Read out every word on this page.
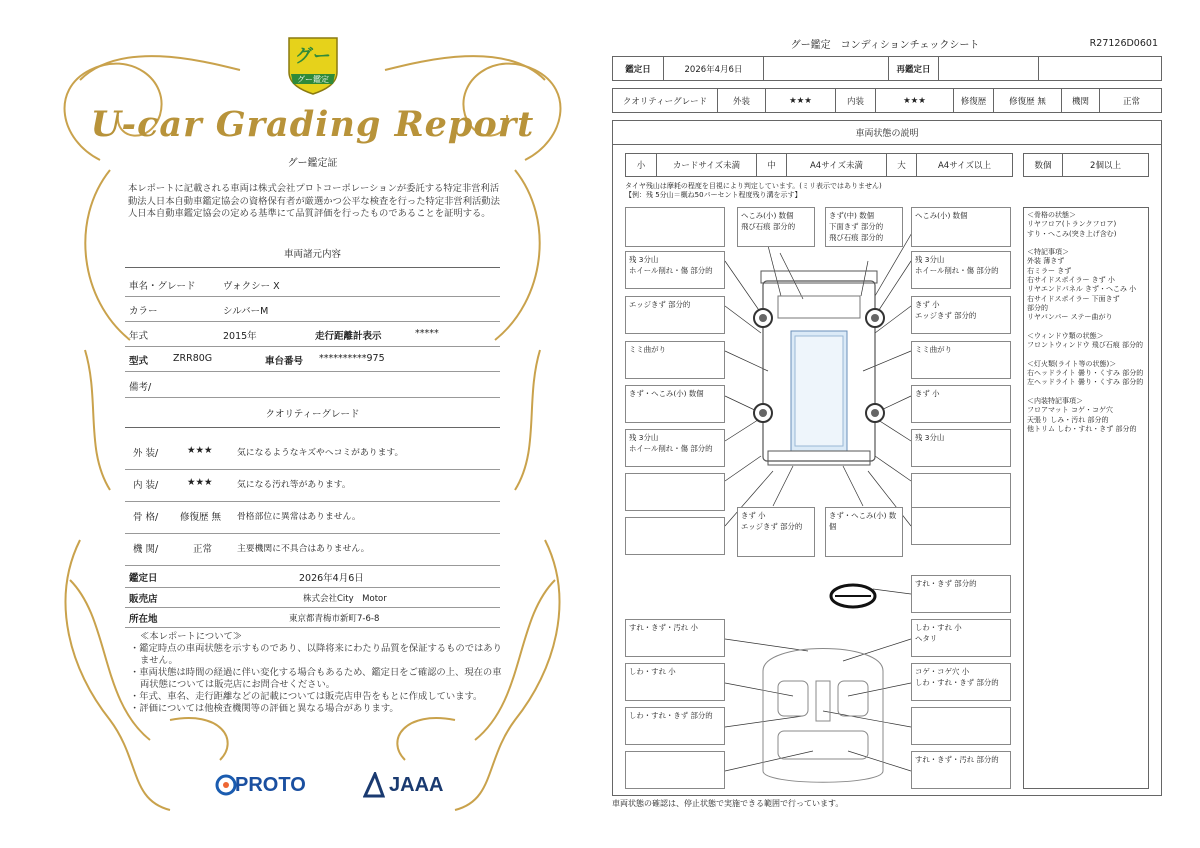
グー
グー鑑定
U-car Grading Report
グー鑑定証
本レポートに記載される車両は株式会社プロトコーポレーションが委託する特定非営利活動法人日本自動車鑑定協会の資格保有者が厳選かつ公平な検査を行った特定非営利活動法人日本自動車鑑定協会の定める基準にて品質評価を行ったものであることを証明する。
車両諸元内容
車名・グレード	ヴォクシー X
カラー	シルバーM
年式	2015年	走行距離計表示	*****
型式	ZRR80G	車台番号 **********975
備考/
クオリティーグレード
外 装/	★★★	気になるようなキズやヘコミがあります。
内 装/	★★★	気になる汚れ等があります。
骨 格/ 修復歴 無 骨格部位に異常はありません。
機 関/	正常	主要機関に不具合はありません。
鑑定日	2026年4月6日
販売店	株式会社City　Motor
所在地	東京都青梅市新町7-6-8
≪本レポートについて≫
・鑑定時点の車両状態を示すものであり、以降将来にわたり品質を保証するものではありません。
・車両状態は時間の経過に伴い変化する場合もあるため、鑑定日をご確認の上、現在の車両状態については販売店にお問合せください。
・年式、車名、走行距離などの記載については販売店申告をもとに作成しています。
・評価については他検査機関等の評価と異なる場合があります。
PROTO	JAAA
グー鑑定　コンディションチェックシート	R27126D0601
鑑定日	2026年4月6日	再鑑定日
クオリティーグレード	外装	★★★	内装	★★★	修復歴	修復歴 無	機関	正常
車両状態の説明
小	カードサイズ未満	中	A4サイズ未満	大	A4サイズ以上	数個	2個以上
タイヤ残山は摩耗の程度を目視により判定しています。(ミリ表示ではありません)
【例：残 5分山＝概ね50パーセント程度残り溝を示す】
へこみ(小) 数個
飛び石痕 部分的
きず(中) 数個
下面きず 部分的
飛び石痕 部分的
へこみ(小) 数個
残 3分山
ホイール削れ・傷 部分的
残 3分山
ホイール削れ・傷 部分的
エッジきず 部分的	きず 小
エッジきず 部分的
ミミ曲がり	ミミ曲がり
きず・へこみ(小) 数個	きず 小
残 3分山
ホイール削れ・傷 部分的
残 3分山
きず 小
エッジきず 部分的
きず・へこみ(小) 数個
すれ・きず 部分的
すれ・きず・汚れ 小	しわ・すれ 小
へタリ
しわ・すれ 小	コゲ・コゲ穴 小
しわ・すれ・きず 部分的
しわ・すれ・きず 部分的
すれ・きず・汚れ 部分的
＜骨格の状態＞
リヤフロア(トランクフロア)
すり・へこみ(突き上げ含む)

＜特記事項＞
外装 薄きず
右ミラー きず
右サイドスポイラー きず 小
リヤエンドパネル きず・へこみ 小
右サイドスポイラー 下面きず
部分的
リヤバンパー ステー曲がり

＜ウィンドウ類の状態＞
フロントウィンドウ 飛び石痕 部分的

＜灯火類(ライト等の状態)＞
右ヘッドライト 曇り・くすみ 部分的
左ヘッドライト 曇り・くすみ 部分的

＜内装特記事項＞
フロアマット コゲ・コゲ穴
天張り しみ・汚れ 部分的
他トリム しわ・すれ・きず 部分的
車両状態の確認は、停止状態で実施できる範囲で行っています。
